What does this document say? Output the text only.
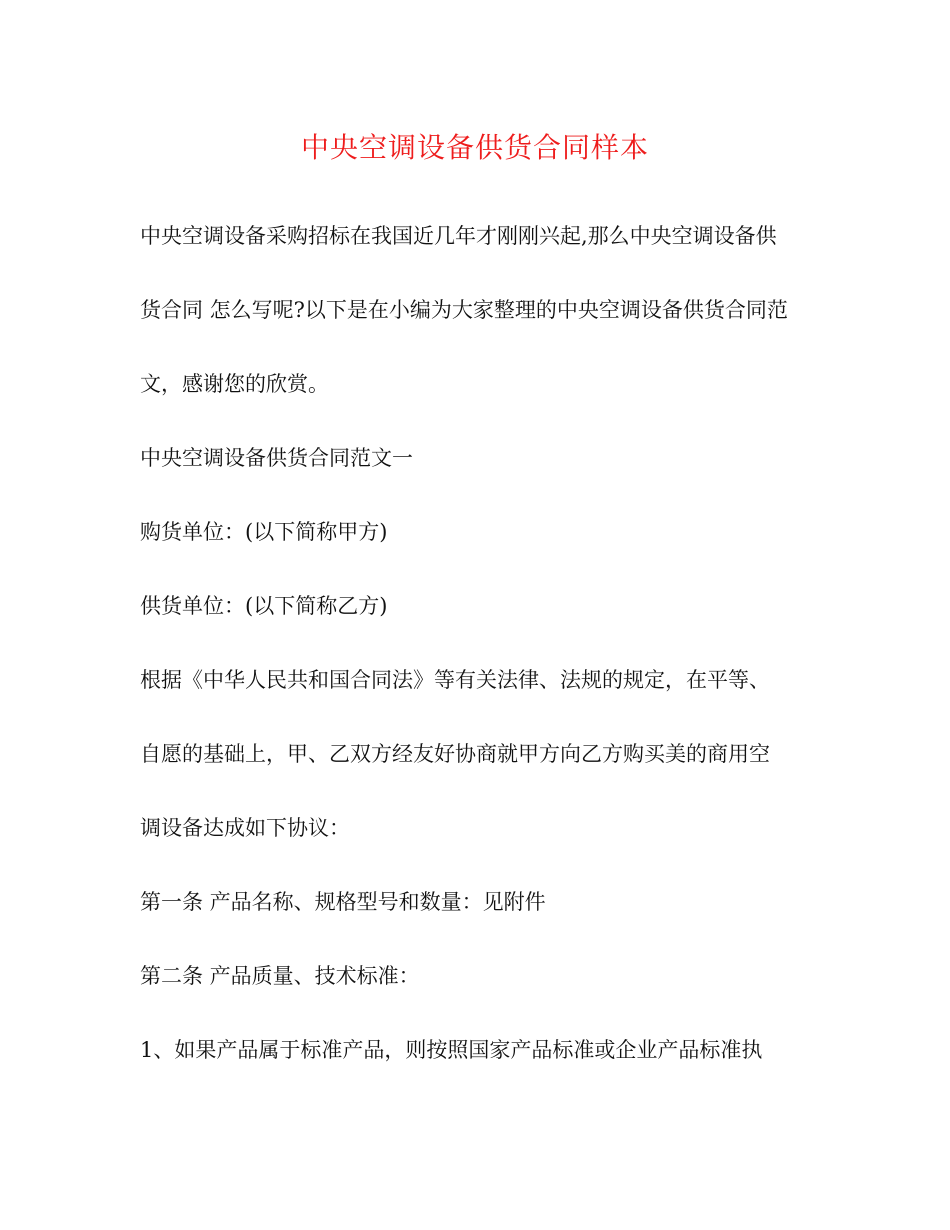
中央空调设备供货合同样本
中央空调设备采购招标在我国近几年才刚刚兴起,那么中央空调设备供
货合同 怎么写呢?以下是在小编为大家整理的中央空调设备供货合同范
文，感谢您的欣赏。
中央空调设备供货合同范文一
购货单位：(以下简称甲方)
供货单位：(以下简称乙方)
根据《中华人民共和国合同法》等有关法律、法规的规定，在平等、
自愿的基础上，甲、乙双方经友好协商就甲方向乙方购买美的商用空
调设备达成如下协议：
第一条 产品名称、规格型号和数量：见附件
第二条 产品质量、技术标准：
1、如果产品属于标准产品，则按照国家产品标准或企业产品标准执
